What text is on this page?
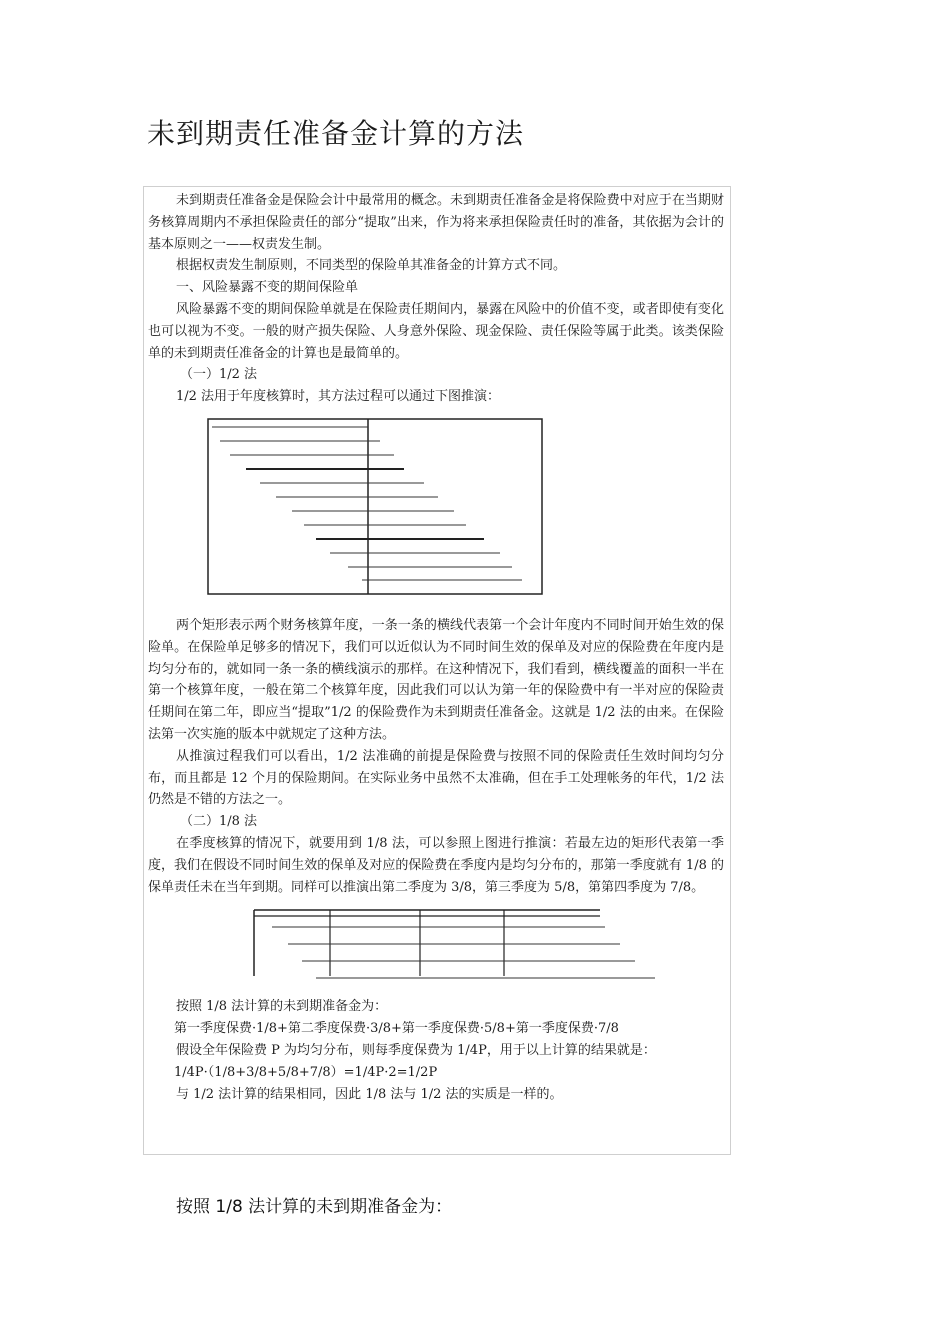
未到期责任准备金计算的方法

未到期责任准备金是保险会计中最常用的概念。未到期责任准备金是将保险费中对应于在当期财务核算周期内不承担保险责任的部分“提取”出来，作为将来承担保险责任时的准备，其依据为会计的基本原则之一——权责发生制。

根据权责发生制原则，不同类型的保险单其准备金的计算方式不同。

一、风险暴露不变的期间保险单

风险暴露不变的期间保险单就是在保险责任期间内，暴露在风险中的价值不变，或者即使有变化也可以视为不变。一般的财产损失保险、人身意外保险、现金保险、责任保险等属于此类。该类保险单的未到期责任准备金的计算也是最简单的。

（一）1/2 法

1/2 法用于年度核算时，其方法过程可以通过下图推演：

两个矩形表示两个财务核算年度，一条一条的横线代表第一个会计年度内不同时间开始生效的保险单。在保险单足够多的情况下，我们可以近似认为不同时间生效的保单及对应的保险费在年度内是均匀分布的，就如同一条一条的横线演示的那样。在这种情况下，我们看到，横线覆盖的面积一半在第一个核算年度，一般在第二个核算年度，因此我们可以认为第一年的保险费中有一半对应的保险责任期间在第二年，即应当“提取”1/2 的保险费作为未到期责任准备金。这就是 1/2 法的由来。在保险法第一次实施的版本中就规定了这种方法。

从推演过程我们可以看出，1/2 法准确的前提是保险费与按照不同的保险责任生效时间均匀分布，而且都是 12 个月的保险期间。在实际业务中虽然不太准确，但在手工处理帐务的年代，1/2 法仍然是不错的方法之一。

（二）1/8 法

在季度核算的情况下，就要用到 1/8 法，可以参照上图进行推演：若最左边的矩形代表第一季度，我们在假设不同时间生效的保单及对应的保险费在季度内是均匀分布的，那第一季度就有 1/8 的保单责任未在当年到期。同样可以推演出第二季度为 3/8，第三季度为 5/8，第第四季度为 7/8。

按照 1/8 法计算的未到期准备金为：

第一季度保费·1/8+第二季度保费·3/8+第一季度保费·5/8+第一季度保费·7/8

假设全年保险费 P 为均匀分布，则每季度保费为 1/4P，用于以上计算的结果就是：

1/4P·（1/8+3/8+5/8+7/8）=1/4P·2=1/2P

与 1/2 法计算的结果相同，因此 1/8 法与 1/2 法的实质是一样的。

按照 1/8 法计算的未到期准备金为：
